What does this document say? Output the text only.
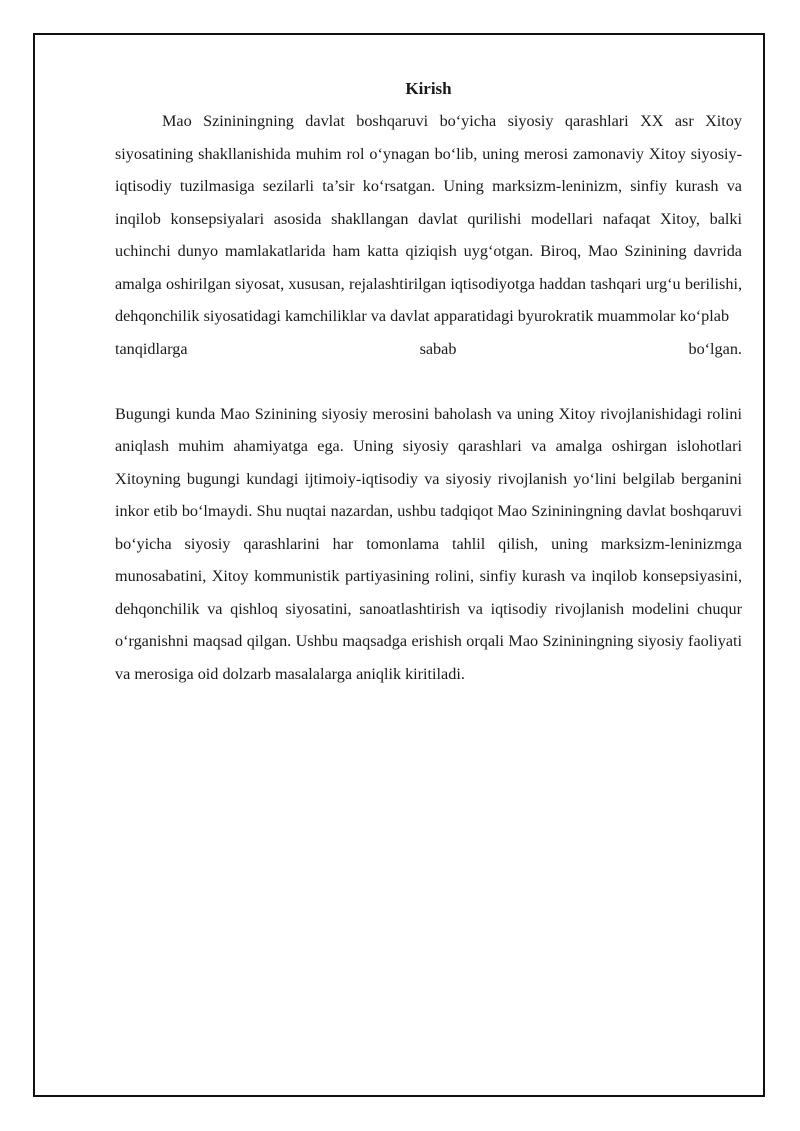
Kirish

Mao Szininingning davlat boshqaruvi bo‘yicha siyosiy qarashlari XX asr Xitoy siyosatining shakllanishida muhim rol o‘ynagan bo‘lib, uning merosi zamonaviy Xitoy siyosiy-iqtisodiy tuzilmasiga sezilarli ta’sir ko‘rsatgan. Uning marksizm-leninizm, sinfiy kurash va inqilob konsepsiyalari asosida shakllangan davlat qurilishi modellari nafaqat Xitoy, balki uchinchi dunyo mamlakatlarida ham katta qiziqish uyg‘otgan. Biroq, Mao Szinining davrida amalga oshirilgan siyosat, xususan, rejalashtirilgan iqtisodiyotga haddan tashqari urg‘u berilishi, dehqonchilik siyosatidagi kamchiliklar va davlat apparatidagi byurokratik muammolar ko‘plab

tanqidlarga	sabab	bo‘lgan.

Bugungi kunda Mao Szinining siyosiy merosini baholash va uning Xitoy rivojlanishidagi rolini aniqlash muhim ahamiyatga ega. Uning siyosiy qarashlari va amalga oshirgan islohotlari Xitoyning bugungi kundagi ijtimoiy-iqtisodiy va siyosiy rivojlanish yo‘lini belgilab berganini inkor etib bo‘lmaydi. Shu nuqtai nazardan, ushbu tadqiqot Mao Szininingning davlat boshqaruvi bo‘yicha siyosiy qarashlarini har tomonlama tahlil qilish, uning marksizm-leninizmga munosabatini, Xitoy kommunistik partiyasining rolini, sinfiy kurash va inqilob konsepsiyasini, dehqonchilik va qishloq siyosatini, sanoatlashtirish va iqtisodiy rivojlanish modelini chuqur o‘rganishni maqsad qilgan. Ushbu maqsadga erishish orqali Mao Szininingning siyosiy faoliyati va merosiga oid dolzarb masalalarga aniqlik kiritiladi.
